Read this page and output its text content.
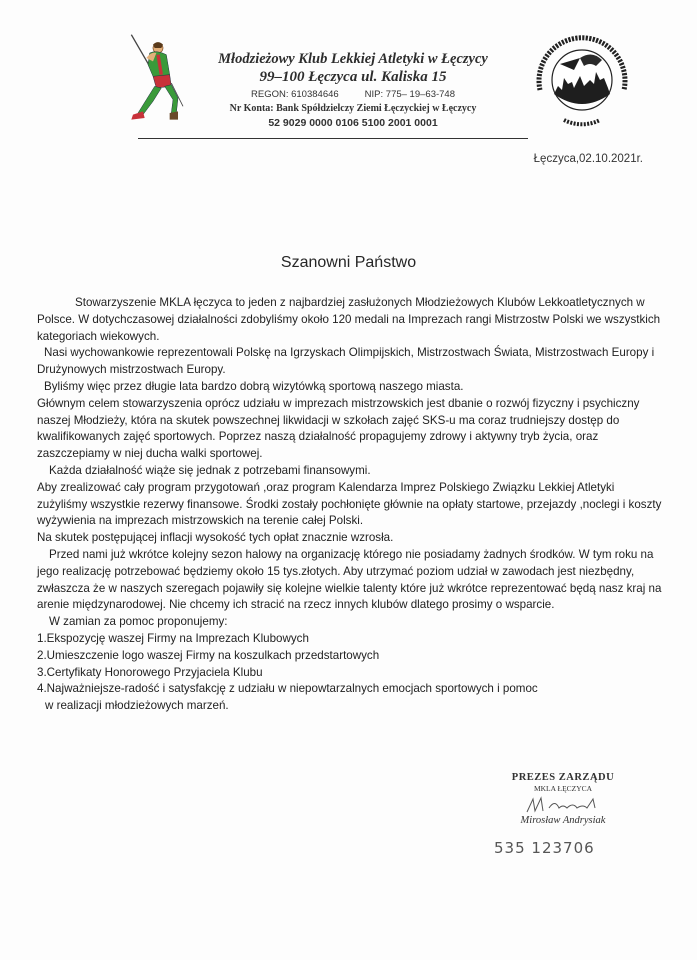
Młodzieżowy Klub Lekkiej Atletyki w Łęczycy
99–100 Łęczyca ul. Kaliska 15
REGON: 610384646	NIP: 775– 19–63-748
Nr Konta: Bank Spółdzielczy Ziemi Łęczyckiej w Łęczycy
52 9029 0000 0106 5100 2001 0001
Łęczyca,02.10.2021r.
Szanowni Państwo

Stowarzyszenie MKLA łęczyca to jeden z najbardziej zasłużonych Młodzieżowych Klubów Lekkoatletycznych w Polsce. W dotychczasowej działalności zdobyliśmy około 120 medali na Imprezach rangi Mistrzostw Polski we wszystkich kategoriach wiekowych.

Nasi wychowankowie reprezentowali Polskę na Igrzyskach Olimpijskich, Mistrzostwach Świata, Mistrzostwach Europy i Drużynowych mistrzostwach Europy.

Byliśmy więc przez długie lata bardzo dobrą wizytówką sportową naszego miasta.

Głównym celem stowarzyszenia oprócz udziału w imprezach mistrzowskich jest dbanie o rozwój fizyczny i psychiczny naszej Młodzieży, która na skutek powszechnej likwidacji w szkołach zajęć SKS-u ma coraz trudniejszy dostęp do kwalifikowanych zajęć sportowych. Poprzez naszą działalność propagujemy zdrowy i aktywny tryb życia, oraz zaszczepiamy w niej ducha walki sportowej.

Każda działalność wiąże się jednak z potrzebami finansowymi.

Aby zrealizować cały program przygotowań ,oraz program Kalendarza Imprez Polskiego Związku Lekkiej Atletyki zużyliśmy wszystkie rezerwy finansowe. Środki zostały pochłonięte głównie na opłaty startowe, przejazdy ,noclegi i koszty wyżywienia na imprezach mistrzowskich na terenie całej Polski.

Na skutek postępującej inflacji wysokość tych opłat znacznie wzrosła.

Przed nami już wkrótce kolejny sezon halowy na organizację którego nie posiadamy żadnych środków. W tym roku na jego realizację potrzebować będziemy około 15 tys.złotych. Aby utrzymać poziom udział w zawodach jest niezbędny, zwłaszcza że w naszych szeregach pojawiły się kolejne wielkie talenty które już wkrótce reprezentować będą nasz kraj na arenie międzynarodowej. Nie chcemy ich stracić na rzecz innych klubów dlatego prosimy o wsparcie.

W zamian za pomoc proponujemy:

1.Ekspozycję waszej Firmy na Imprezach Klubowych

2.Umieszczenie logo waszej Firmy na koszulkach przedstartowych

3.Certyfikaty Honorowego Przyjaciela Klubu

4.Najważniejsze-radość i satysfakcję z udziału w niepowtarzalnych emocjach sportowych i pomoc

w realizacji młodzieżowych marzeń.

PREZES ZARZĄDU
MKLA ŁĘCZYCA
Mirosław Andrysiak
535 123706
